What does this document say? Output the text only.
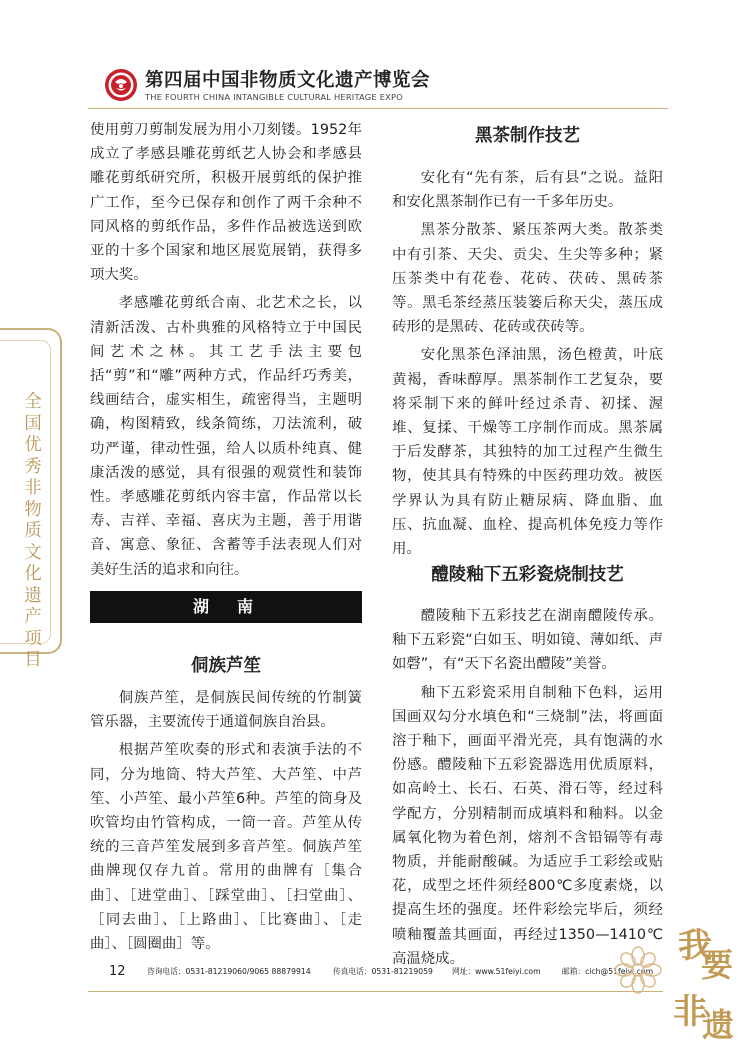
第四届中国非物质文化遗产博览会
THE FOURTH CHINA INTANGIBLE CULTURAL HERITAGE EXPO
全国优秀非物质文化遗产项目

使用剪刀剪制发展为用小刀刻镂。1952年成立了孝感县雕花剪纸艺人协会和孝感县雕花剪纸研究所，积极开展剪纸的保护推广工作，至今已保存和创作了两千余种不同风格的剪纸作品，多件作品被选送到欧亚的十多个国家和地区展览展销，获得多项大奖。

孝感雕花剪纸合南、北艺术之长，以清新活泼、古朴典雅的风格特立于中国民间艺术之林。其工艺手法主要包括“剪”和“雕”两种方式，作品纤巧秀美，线画结合，虚实相生，疏密得当，主题明确，构图精致，线条简练，刀法流利，破功严谨，律动性强，给人以质朴纯真、健康活泼的感觉，具有很强的观赏性和装饰性。孝感雕花剪纸内容丰富，作品常以长寿、吉祥、幸福、喜庆为主题，善于用谐音、寓意、象征、含蓄等手法表现人们对美好生活的追求和向往。

湖　南
侗族芦笙

侗族芦笙，是侗族民间传统的竹制簧管乐器，主要流传于通道侗族自治县。

根据芦笙吹奏的形式和表演手法的不同，分为地筒、特大芦笙、大芦笙、中芦笙、小芦笙、最小芦笙6种。芦笙的筒身及吹管均由竹管构成，一筒一音。芦笙从传统的三音芦笙发展到多音芦笙。侗族芦笙曲牌现仅存九首。常用的曲牌有［集合曲］、［进堂曲］、［踩堂曲］、［扫堂曲］、［同去曲］、［上路曲］、［比赛曲］、［走曲］、［圆圈曲］等。

黑茶制作技艺

安化有“先有茶，后有县”之说。益阳和安化黑茶制作已有一千多年历史。

黑茶分散茶、紧压茶两大类。散茶类中有引茶、天尖、贡尖、生尖等多种；紧压茶类中有花卷、花砖、茯砖、黑砖茶等。黑毛茶经蒸压装篓后称天尖，蒸压成砖形的是黑砖、花砖或茯砖等。

安化黑茶色泽油黑，汤色橙黄，叶底黄褐，香味醇厚。黑茶制作工艺复杂，要将采制下来的鲜叶经过杀青、初揉、渥堆、复揉、干燥等工序制作而成。黑茶属于后发酵茶，其独特的加工过程产生微生物，使其具有特殊的中医药理功效。被医学界认为具有防止糖尿病、降血脂、血压、抗血凝、血栓、提高机体免疫力等作用。

醴陵釉下五彩瓷烧制技艺

醴陵釉下五彩技艺在湖南醴陵传承。釉下五彩瓷“白如玉、明如镜、薄如纸、声如磬”，有“天下名瓷出醴陵”美誉。

釉下五彩瓷采用自制釉下色料，运用国画双勾分水填色和“三烧制”法，将画面溶于釉下，画面平滑光亮，具有饱满的水份感。醴陵釉下五彩瓷器选用优质原料，如高岭土、长石、石英、滑石等，经过科学配方，分别精制而成填料和釉料。以金属氧化物为着色剂，熔剂不含铅镉等有毒物质，并能耐酸碱。为适应手工彩绘或贴花，成型之坯件须经800℃多度素烧，以提高生坯的强度。坯件彩绘完毕后，须经喷釉覆盖其画面，再经过1350—1410℃高温烧成。

12	咨询电话：0531-81219060/9065 88879914	传真电话：0531-81219059 网址：www.51feiyi.com	邮箱：cich@51feiyi.com
我
要
非
遗
